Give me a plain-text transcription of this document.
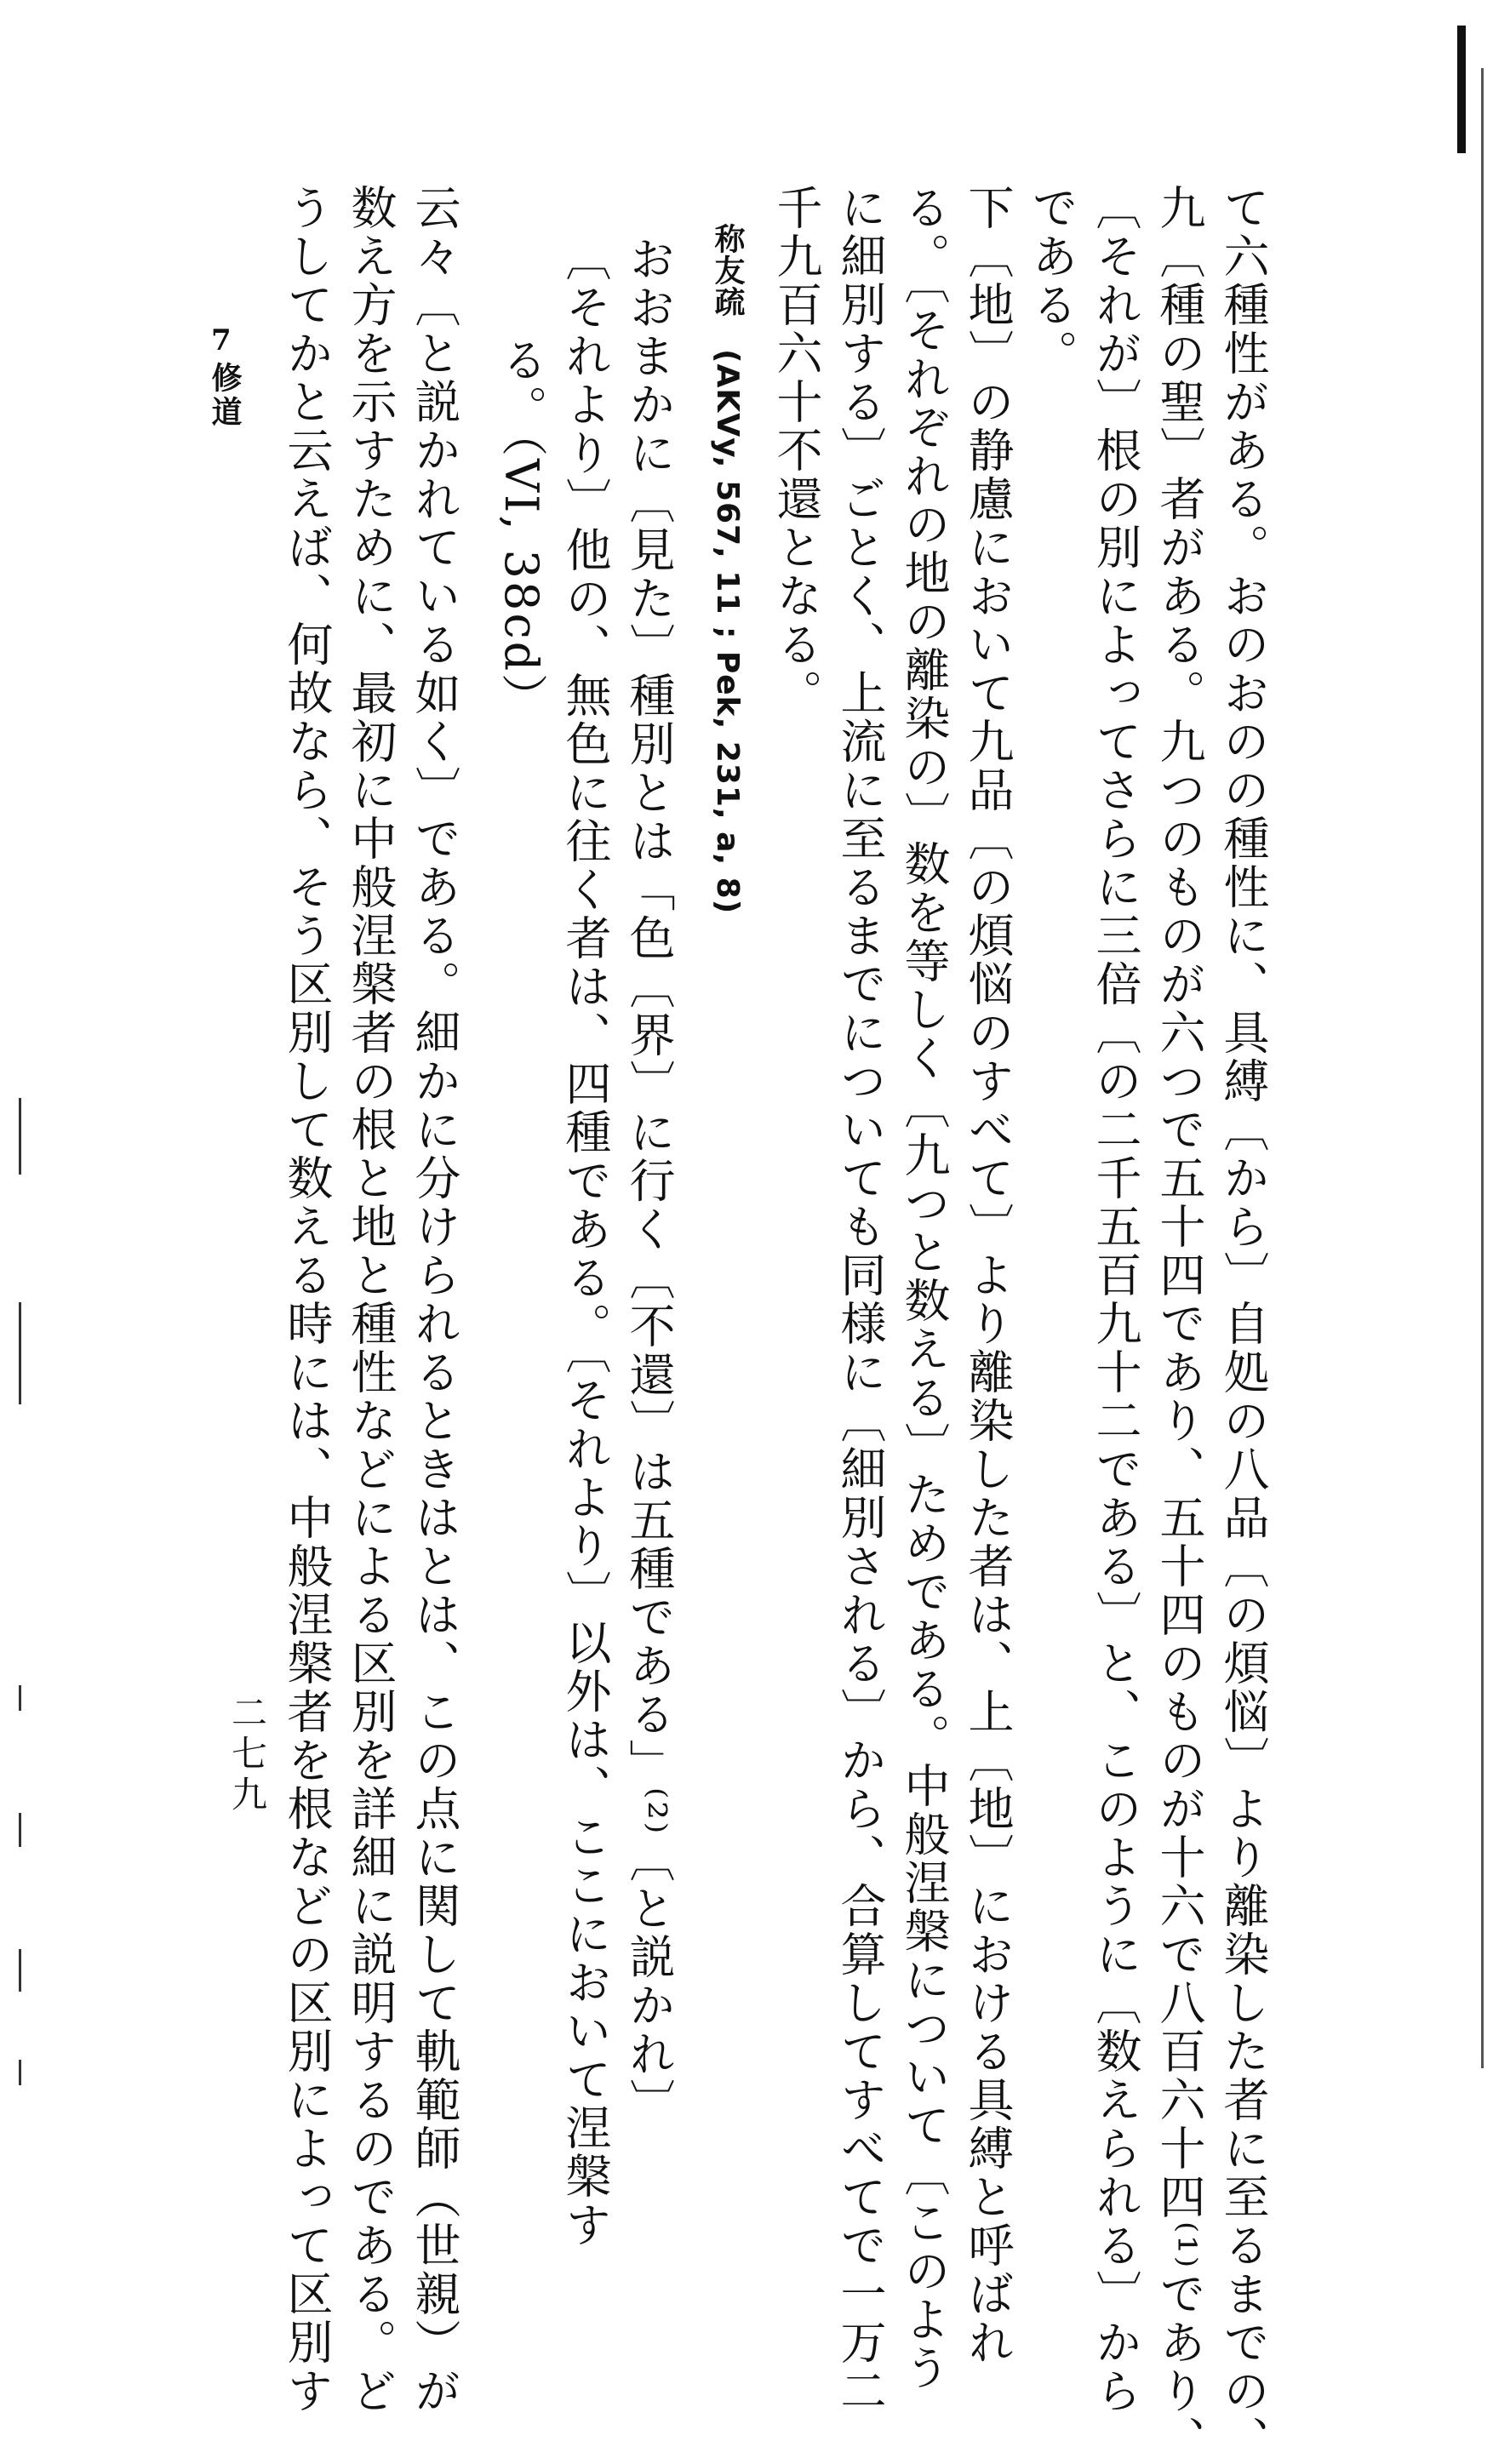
て六種性がある。おのおのの種性に、具縛〔から〕自処の八品〔の煩悩〕より離染した者に至るまでの、
九〔種の聖〕者がある。九つのものが六つで五十四であり、五十四のものが十六で八百六十四⁽¹⁾であり、
〔それが〕根の別によってさらに三倍〔の二千五百九十二である〕と、このように〔数えられる〕から
である。
下〔地〕の静慮において九品〔の煩悩のすべて〕より離染した者は、上〔地〕における具縛と呼ばれ
る。〔それぞれの地の離染の〕数を等しく〔九つと数える〕ためである。中般涅槃について〔このよう
に細別する〕ごとく、上流に至るまでについても同様に〔細別される〕から、合算してすべてで一万二
千九百六十不還となる。
称友疏　(AKVy, 567, 11 ; Pek, 231, a, 8)
おおまかに〔見た〕種別とは「色〔界〕に行く〔不還〕は五種である」⁽²⁾〔と説かれ〕
〔それより〕他の、無色に往く者は、四種である。〔それより〕以外は、ここにおいて涅槃す
る。（VI, 38cd）
云々〔と説かれている如く〕である。細かに分けられるときはとは、この点に関して軌範師（世親）が
数え方を示すために、最初に中般涅槃者の根と地と種性などによる区別を詳細に説明するのである。ど
うしてかと云えば、何故なら、そう区別して数える時には、中般涅槃者を根などの区別によって区別す
7
修道
二七九
